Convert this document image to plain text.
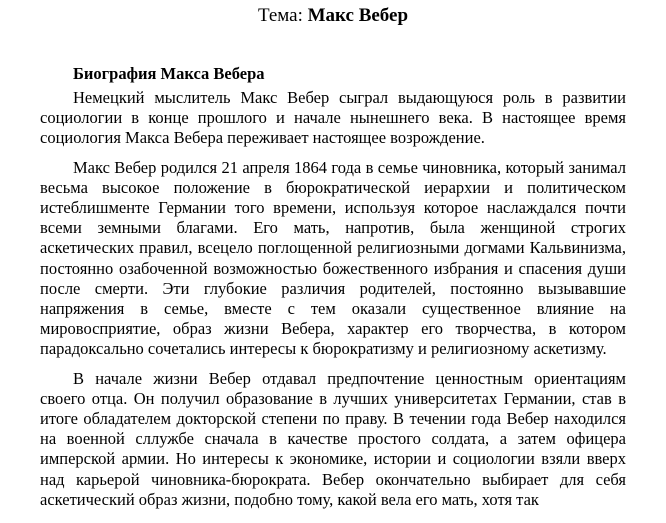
Тема: Макс Вебер
Биография Макса Вебера

Немецкий мыслитель Макс Вебер сыграл выдающуюся роль в развитии социологии в конце прошлого и начале нынешнего века. В настоящее время социология Макса Вебера переживает настоящее возрождение.

Макс Вебер родился 21 апреля 1864 года в семье чиновника, который занимал весьма высокое положение в бюрократической иерархии и политическом истеблишменте Германии того времени, используя которое наслаждался почти всеми земными благами. Его мать, напротив, была женщиной строгих аскетических правил, всецело поглощенной религиозными догмами Кальвинизма, постоянно озабоченной возможностью божественного избрания и спасения души после смерти. Эти глубокие различия родителей, постоянно вызывавшие напряжения в семье, вместе с тем оказали существенное влияние на мировосприятие, образ жизни Вебера, характер его творчества, в котором парадоксально сочетались интересы к бюрократизму и религиозному аскетизму.

В начале жизни Вебер отдавал предпочтение ценностным ориентациям своего отца. Он получил образование в лучших университетах Германии, став в итоге обладателем докторской степени по праву. В течении года Вебер находился на военной сллужбе сначала в качестве простого солдата, а затем офицера имперской армии. Но интересы к экономике, истории и социологии взяли вверх над карьерой чиновника-бюрократа. Вебер окончательно выбирает для себя аскетический образ жизни, подобно тому, какой вела его мать, хотя так
